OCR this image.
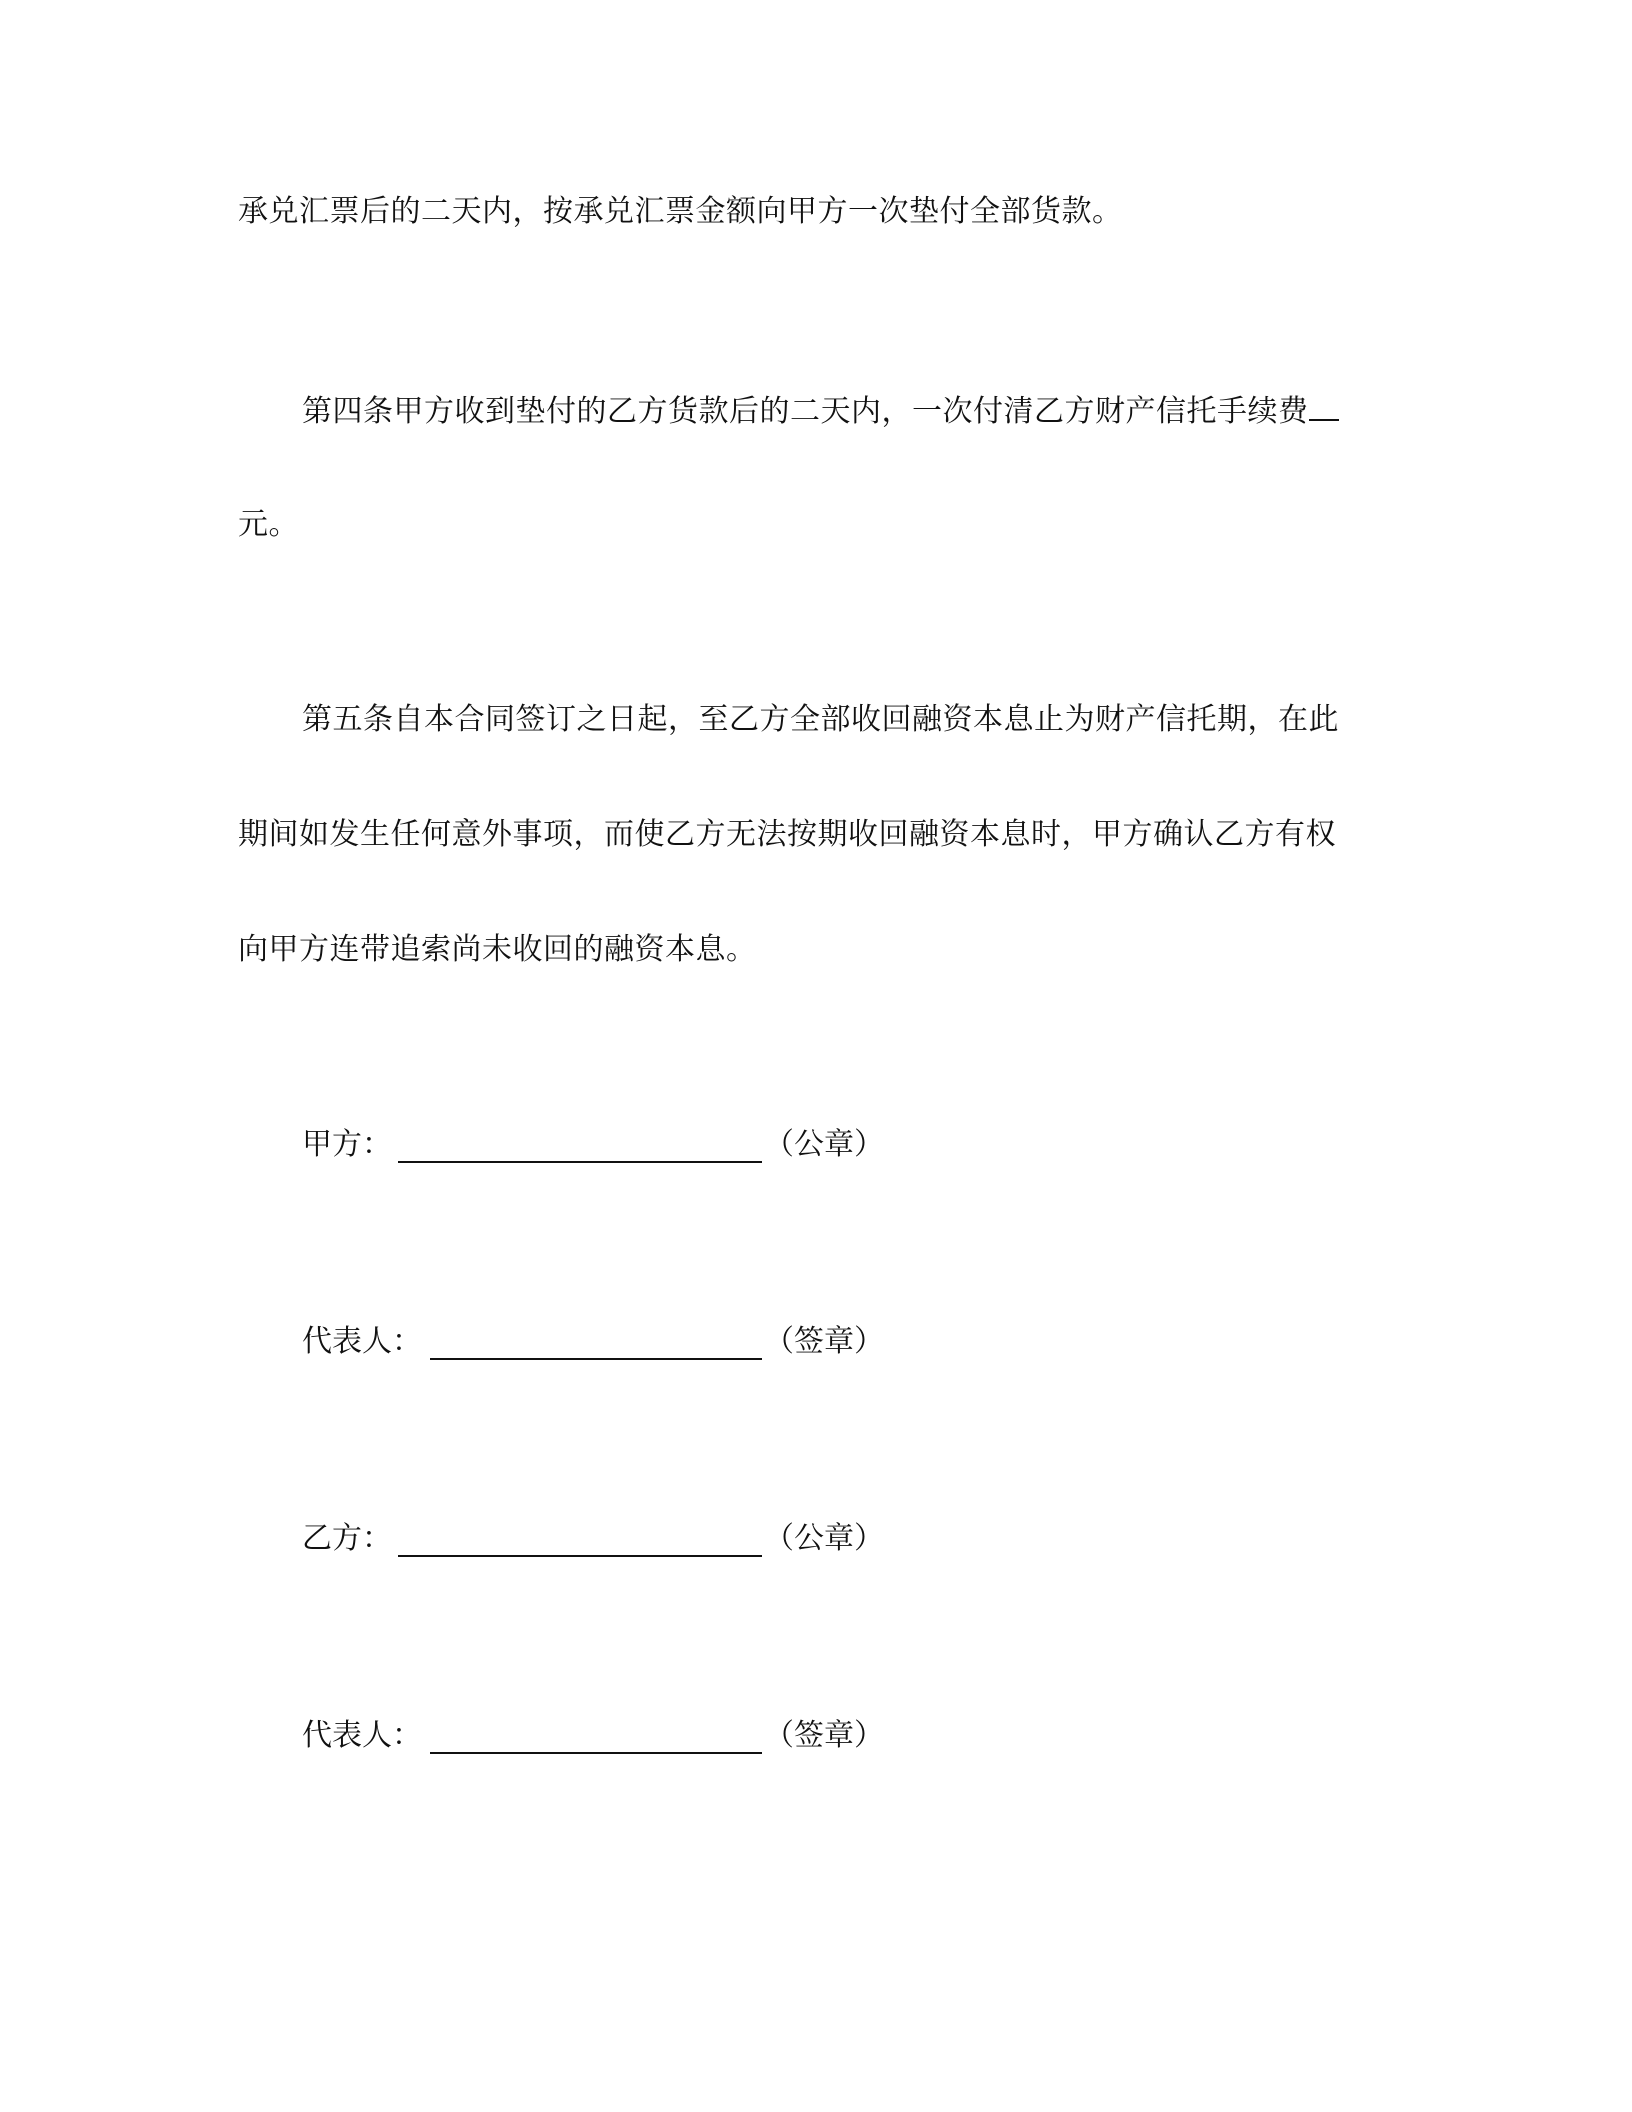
承兑汇票后的二天内，按承兑汇票金额向甲方一次垫付全部货款。
第四条甲方收到垫付的乙方货款后的二天内，一次付清乙方财产信托手续费
元。
第五条自本合同签订之日起，至乙方全部收回融资本息止为财产信托期，在此
期间如发生任何意外事项，而使乙方无法按期收回融资本息时，甲方确认乙方有权
向甲方连带追索尚未收回的融资本息。
甲方：	（公章）
代表人：	（签章）
乙方：	（公章）
代表人：	（签章）
